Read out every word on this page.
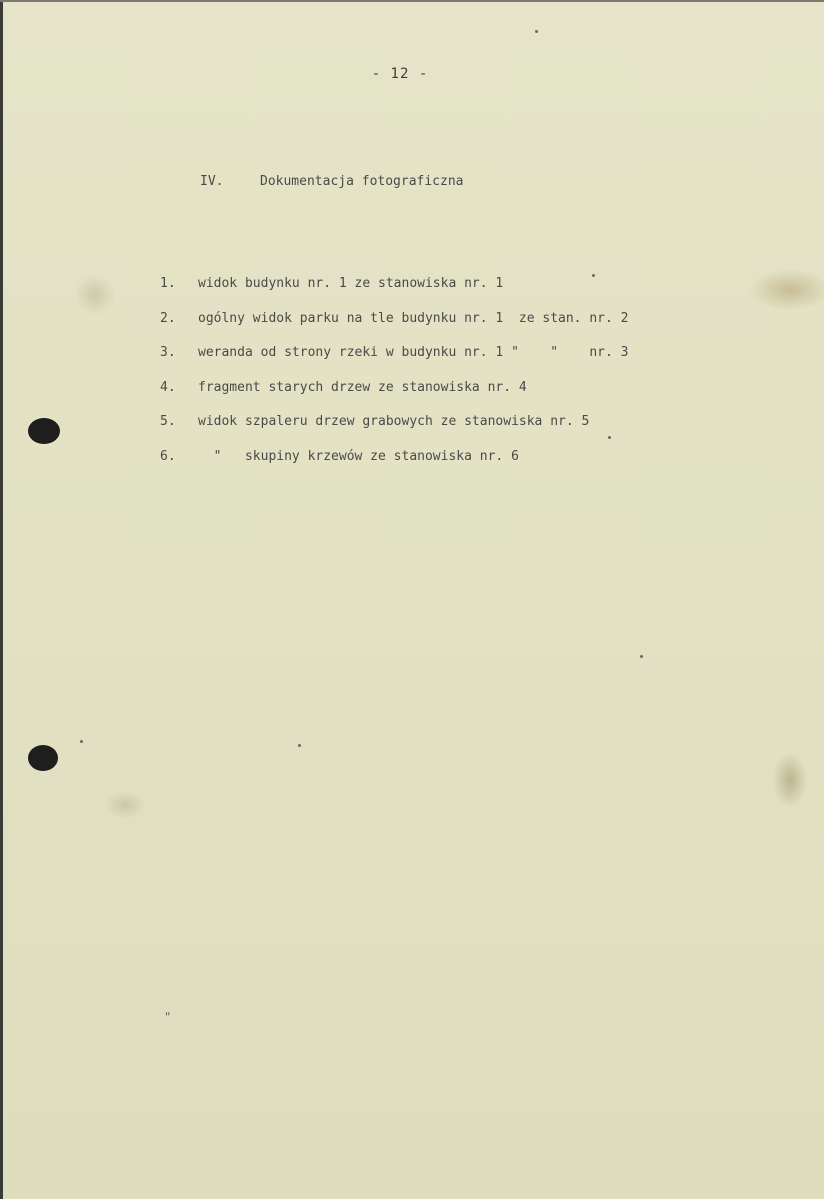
- 12 -
IV.	Dokumentacja fotograficzna
1. widok budynku nr. 1 ze stanowiska nr. 1
2. ogólny widok parku na tle budynku nr. 1  ze stan. nr. 2
3. weranda od strony rzeki w budynku nr. 1 "    "    nr. 3
4. fragment starych drzew ze stanowiska nr. 4
5. widok szpaleru drzew grabowych ze stanowiska nr. 5
6.  "   skupiny krzewów ze stanowiska nr. 6
"
